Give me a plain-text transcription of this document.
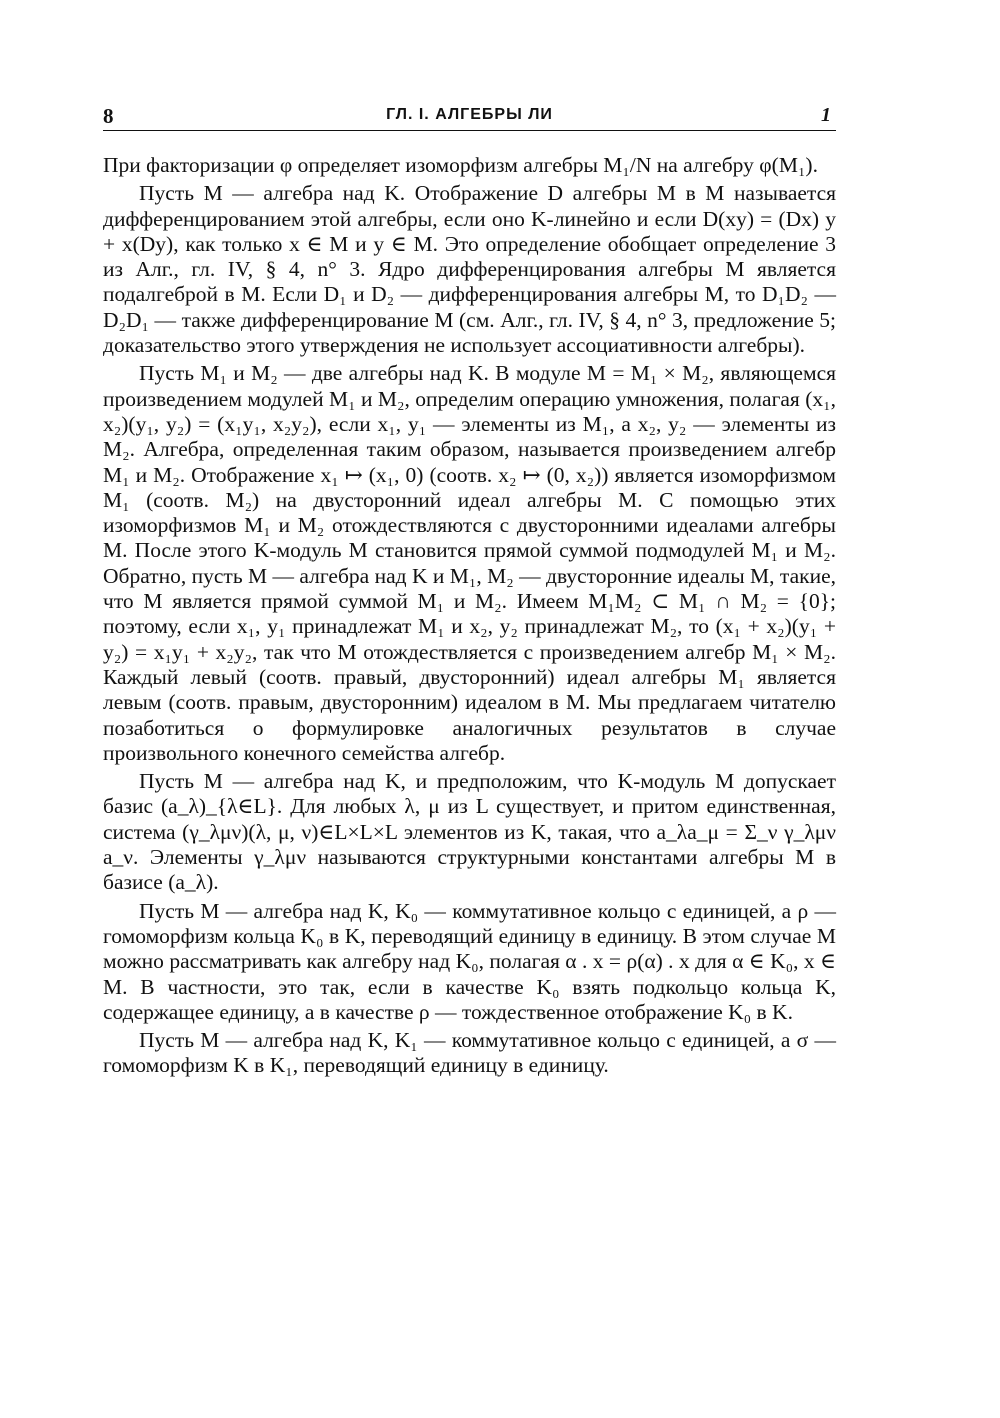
8	ГЛ. I. АЛГЕБРЫ ЛИ	1

При факторизации φ определяет изоморфизм алгебры M₁/N на алгебру φ(M₁).

Пусть M — алгебра над K. Отображение D алгебры M в M называется дифференцированием этой алгебры, если оно K-линейно и если D(xy) = (Dx) y + x(Dy), как только x ∈ M и y ∈ M. Это определение обобщает определение 3 из Алг., гл. IV, § 4, n° 3. Ядро дифференцирования алгебры M является подалгеброй в M. Если D₁ и D₂ — дифференцирования алгебры M, то D₁D₂ — D₂D₁ — также дифференцирование M (см. Алг., гл. IV, § 4, n° 3, предложение 5; доказательство этого утверждения не использует ассоциативности алгебры).

Пусть M₁ и M₂ — две алгебры над K. В модуле M = M₁ × M₂, являющемся произведением модулей M₁ и M₂, определим операцию умножения, полагая (x₁, x₂)(y₁, y₂) = (x₁y₁, x₂y₂), если x₁, y₁ — элементы из M₁, а x₂, y₂ — элементы из M₂. Алгебра, определенная таким образом, называется произведением алгебр M₁ и M₂. Отображение x₁ ↦ (x₁, 0) (соотв. x₂ ↦ (0, x₂)) является изоморфизмом M₁ (соотв. M₂) на двусторонний идеал алгебры M. С помощью этих изоморфизмов M₁ и M₂ отождествляются с двусторонними идеалами алгебры M. После этого K-модуль M становится прямой суммой подмодулей M₁ и M₂. Обратно, пусть M — алгебра над K и M₁, M₂ — двусторонние идеалы M, такие, что M является прямой суммой M₁ и M₂. Имеем M₁M₂ ⊂ M₁ ∩ M₂ = {0}; поэтому, если x₁, y₁ принадлежат M₁ и x₂, y₂ принадлежат M₂, то (x₁ + x₂)(y₁ + y₂) = x₁y₁ + x₂y₂, так что M отождествляется с произведением алгебр M₁ × M₂. Каждый левый (соотв. правый, двусторонний) идеал алгебры M₁ является левым (соотв. правым, двусторонним) идеалом в M. Мы предлагаем читателю позаботиться о формулировке аналогичных результатов в случае произвольного конечного семейства алгебр.

Пусть M — алгебра над K, и предположим, что K-модуль M допускает базис (a_λ)_{λ∈L}. Для любых λ, μ из L существует, и притом единственная, система (γ_λμν)(λ, μ, ν)∈L×L×L элементов из K, такая, что a_λa_μ = Σ_ν γ_λμν a_ν. Элементы γ_λμν называются структурными константами алгебры M в базисе (a_λ).

Пусть M — алгебра над K, K₀ — коммутативное кольцо с единицей, а ρ — гомоморфизм кольца K₀ в K, переводящий единицу в единицу. В этом случае M можно рассматривать как алгебру над K₀, полагая α . x = ρ(α) . x для α ∈ K₀, x ∈ M. В частности, это так, если в качестве K₀ взять подкольцо кольца K, содержащее единицу, а в качестве ρ — тождественное отображение K₀ в K.

Пусть M — алгебра над K, K₁ — коммутативное кольцо с единицей, а σ — гомоморфизм K в K₁, переводящий единицу в единицу.
